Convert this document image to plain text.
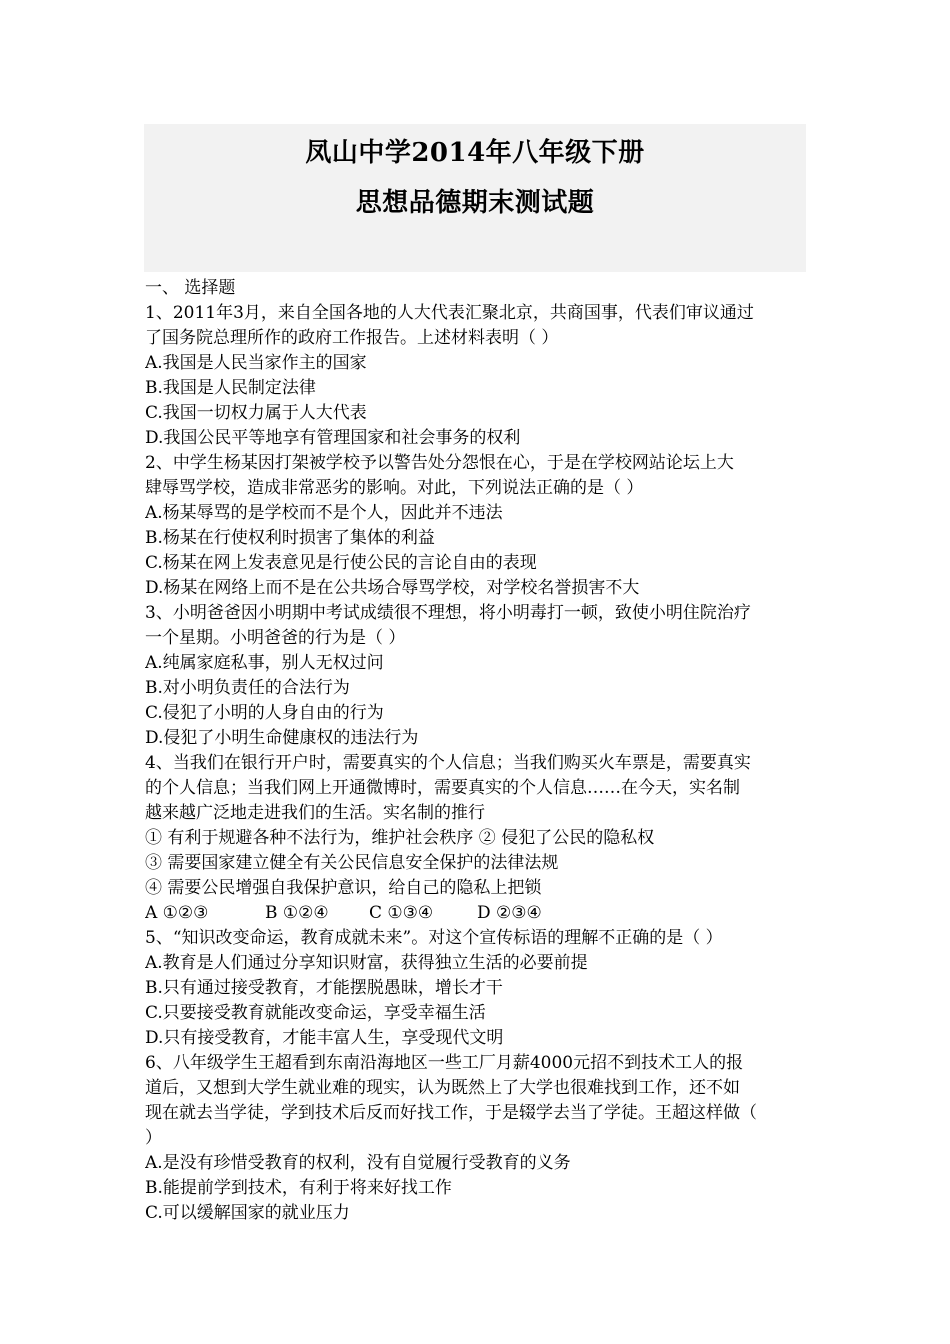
凤山中学2014年八年级下册
思想品德期末测试题
一、 选择题
1、2011年3月，来自全国各地的人大代表汇聚北京，共商国事，代表们审议通过
了国务院总理所作的政府工作报告。上述材料表明（ ）
A.我国是人民当家作主的国家
B.我国是人民制定法律
C.我国一切权力属于人大代表
D.我国公民平等地享有管理国家和社会事务的权利
2、中学生杨某因打架被学校予以警告处分怨恨在心，于是在学校网站论坛上大
肆辱骂学校，造成非常恶劣的影响。对此，下列说法正确的是（ ）
A.杨某辱骂的是学校而不是个人，因此并不违法
B.杨某在行使权利时损害了集体的利益
C.杨某在网上发表意见是行使公民的言论自由的表现
D.杨某在网络上而不是在公共场合辱骂学校，对学校名誉损害不大
3、小明爸爸因小明期中考试成绩很不理想，将小明毒打一顿，致使小明住院治疗
一个星期。小明爸爸的行为是（ ）
A.纯属家庭私事，别人无权过问
B.对小明负责任的合法行为
C.侵犯了小明的人身自由的行为
D.侵犯了小明生命健康权的违法行为
4、当我们在银行开户时，需要真实的个人信息；当我们购买火车票是，需要真实
的个人信息；当我们网上开通微博时，需要真实的个人信息……在今天，实名制
越来越广泛地走进我们的生活。实名制的推行
① 有利于规避各种不法行为，维护社会秩序 ② 侵犯了公民的隐私权
③ 需要国家建立健全有关公民信息安全保护的法律法规
④ 需要公民增强自我保护意识，给自己的隐私上把锁
A ①②③	B ①②④ C ①③④	D ②③④
5、“知识改变命运，教育成就未来”。对这个宣传标语的理解不正确的是（ ）
A.教育是人们通过分享知识财富，获得独立生活的必要前提
B.只有通过接受教育，才能摆脱愚昧，增长才干
C.只要接受教育就能改变命运，享受幸福生活
D.只有接受教育，才能丰富人生，享受现代文明
6、八年级学生王超看到东南沿海地区一些工厂月薪4000元招不到技术工人的报
道后，又想到大学生就业难的现实，认为既然上了大学也很难找到工作，还不如
现在就去当学徒，学到技术后反而好找工作，于是辍学去当了学徒。王超这样做（
）
A.是没有珍惜受教育的权利，没有自觉履行受教育的义务
B.能提前学到技术，有利于将来好找工作
C.可以缓解国家的就业压力
